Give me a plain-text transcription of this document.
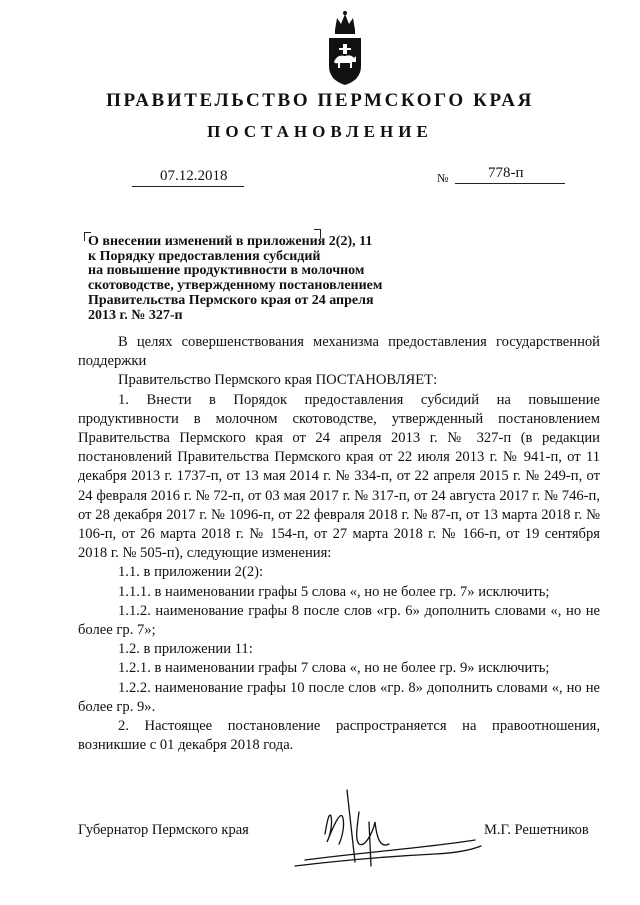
ПРАВИТЕЛЬСТВО ПЕРМСКОГО КРАЯ
ПОСТАНОВЛЕНИЕ
07.12.2018	№	778-п
О внесении изменений в приложения 2(2), 11
к Порядку предоставления субсидий
на повышение продуктивности в молочном
скотоводстве, утвержденному постановлением
Правительства Пермского края от 24 апреля
2013 г. № 327-п

В целях совершенствования механизма предоставления государственной поддержки

Правительство Пермского края ПОСТАНОВЛЯЕТ:

1. Внести в Порядок предоставления субсидий на повышение продуктивности в молочном скотоводстве, утвержденный постановлением Правительства Пермского края от 24 апреля 2013 г. № 327-п (в редакции постановлений Правительства Пермского края от 22 июля 2013 г. № 941-п, от 11 декабря 2013 г. 1737-п, от 13 мая 2014 г. № 334-п, от 22 апреля 2015 г. № 249-п, от 24 февраля 2016 г. № 72-п, от 03 мая 2017 г. № 317-п, от 24 августа 2017 г. № 746-п, от 28 декабря 2017 г. № 1096-п, от 22 февраля 2018 г. № 87-п, от 13 марта 2018 г. № 106-п, от 26 марта 2018 г. № 154-п, от 27 марта 2018 г. № 166-п, от 19 сентября 2018 г. № 505-п), следующие изменения:

1.1. в приложении 2(2):

1.1.1. в наименовании графы 5 слова «, но не более гр. 7» исключить;

1.1.2. наименование графы 8 после слов «гр. 6» дополнить словами «, но не более гр. 7»;

1.2. в приложении 11:

1.2.1. в наименовании графы 7 слова «, но не более гр. 9» исключить;

1.2.2. наименование графы 10 после слов «гр. 8» дополнить словами «, но не более гр. 9».

2. Настоящее постановление распространяется на правоотношения, возникшие с 01 декабря 2018 года.

Губернатор Пермского края	М.Г. Решетников
